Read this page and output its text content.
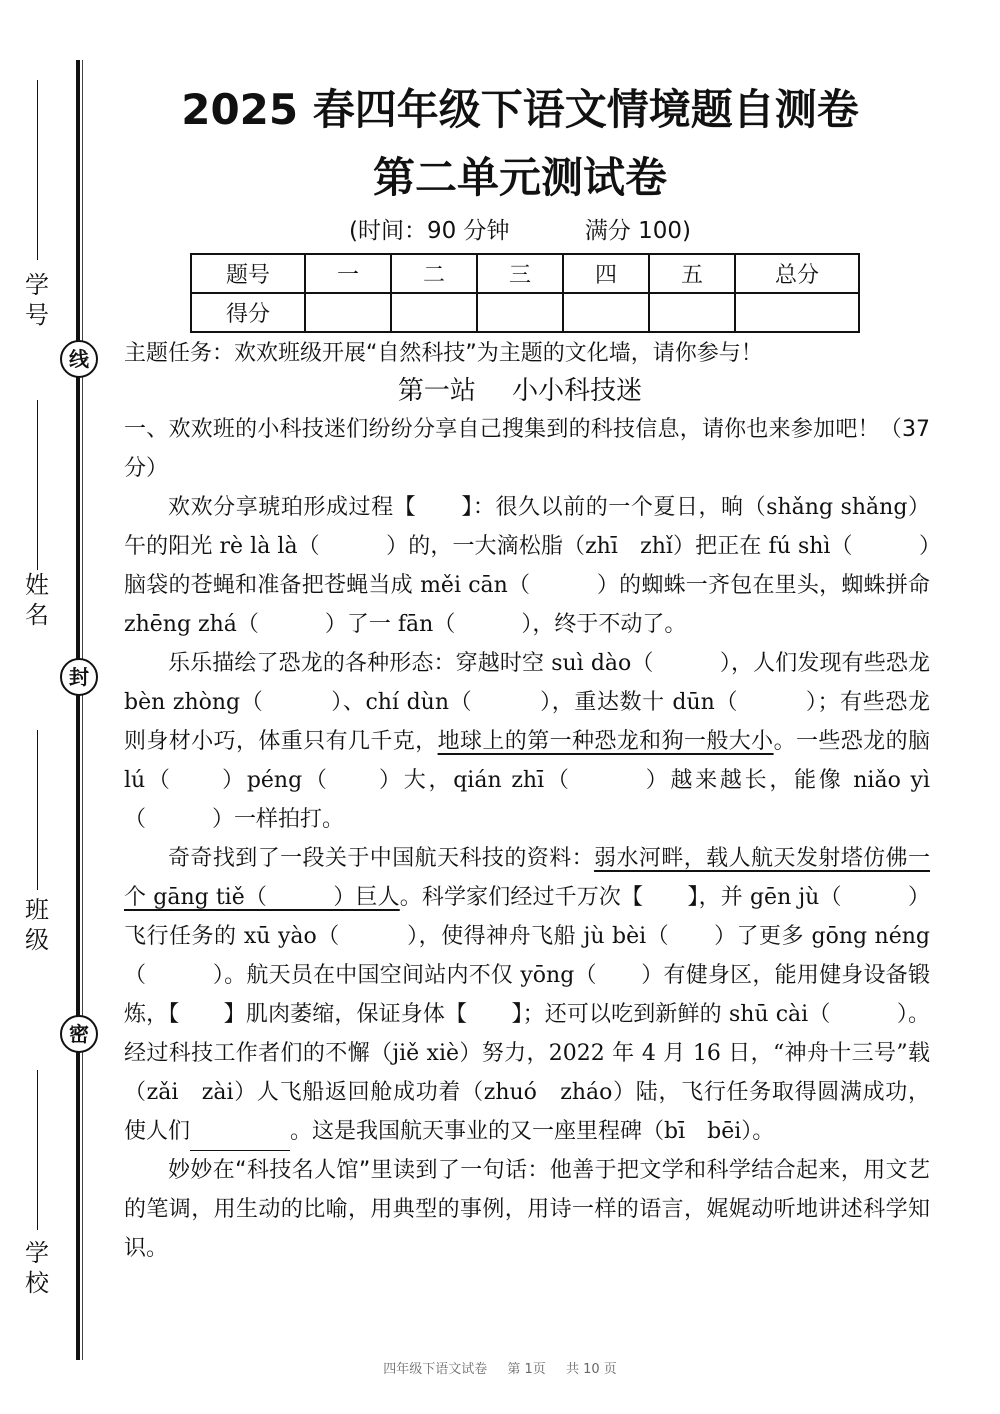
学号
线
姓名
封
班级
密
学校
2025 春四年级下语文情境题自测卷
第二单元测试卷
(时间：90 分钟	满分 100)
题号	一	二	三	四	五	总分
得分						
主题任务：欢欢班级开展“自然科技”为主题的文化墙，请你参与！
第一站 小小科技迷

一、欢欢班的小科技迷们纷纷分享自己搜集到的科技信息，请你也来参加吧！（37 分）

欢欢分享琥珀形成过程【　　】：很久以前的一个夏日，晌（shǎng shǎng）午的阳光 rè là là（　　　）的，一大滴松脂（zhī　zhǐ）把正在 fú shì（　　　）脑袋的苍蝇和准备把苍蝇当成 měi cān（　　　）的蜘蛛一齐包在里头，蜘蛛拼命 zhēng zhá（　　　）了一 fān（　　　），终于不动了。

乐乐描绘了恐龙的各种形态：穿越时空 suì dào（　　　），人们发现有些恐龙 bèn zhòng（　　　）、chí dùn（　　　），重达数十 dūn（　　　）；有些恐龙则身材小巧，体重只有几千克，地球上的第一种恐龙和狗一般大小。一些恐龙的脑 lú（　　）péng（　　）大，qián zhī（　　　）越来越长，能像 niǎo yì（　　　）一样拍打。

奇奇找到了一段关于中国航天科技的资料：弱水河畔，载人航天发射塔仿佛一个 gāng tiě（　　　）巨人。科学家们经过千万次【　　】，并 gēn jù（　　　）飞行任务的 xū yào（　　　），使得神舟飞船 jù bèi（　　）了更多 gōng néng（　　　）。航天员在中国空间站内不仅 yōng（　　）有健身区，能用健身设备锻炼，【　　】肌肉萎缩，保证身体【　　】；还可以吃到新鲜的 shū cài（　　　）。经过科技工作者们的不懈（jiě xiè）努力，2022 年 4 月 16 日，“神舟十三号”载（zǎi　zài）人飞船返回舱成功着（zhuó　zháo）陆，飞行任务取得圆满成功，使人们	。这是我国航天事业的又一座里程碑（bī　bēi）。

妙妙在“科技名人馆”里读到了一句话：他善于把文学和科学结合起来，用文艺的笔调，用生动的比喻，用典型的事例，用诗一样的语言，娓娓动听地讲述科学知识。

四年级下语文试卷 第 1页 共 10 页
